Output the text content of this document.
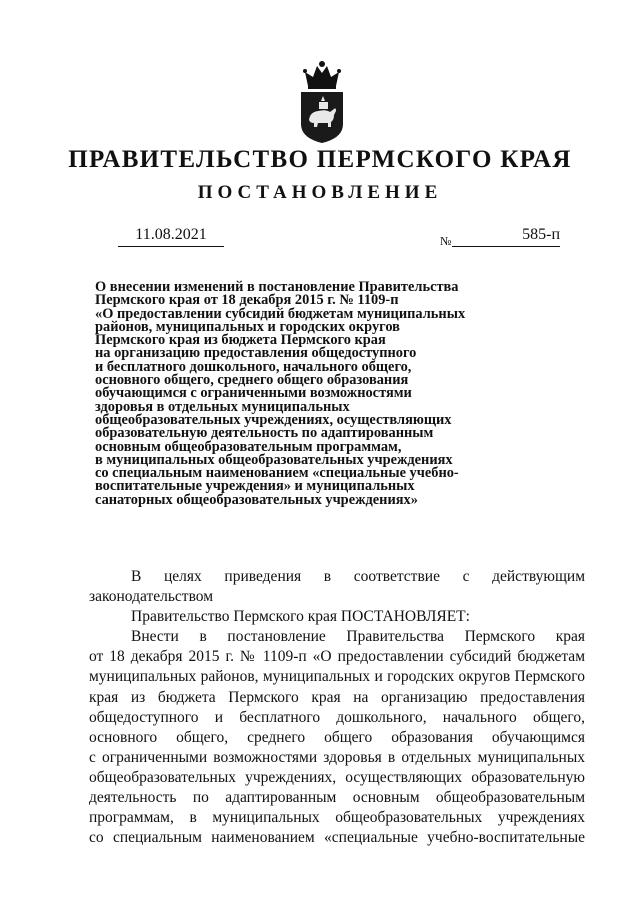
ПРАВИТЕЛЬСТВО ПЕРМСКОГО КРАЯ
ПОСТАНОВЛЕНИЕ
11.08.2021	№	585-п
О внесении изменений в постановление Правительства
Пермского края от 18 декабря 2015 г. № 1109-п
«О предоставлении субсидий бюджетам муниципальных
районов, муниципальных и городских округов
Пермского края из бюджета Пермского края
на организацию предоставления общедоступного
и бесплатного дошкольного, начального общего,
основного общего, среднего общего образования
обучающимся с ограниченными возможностями
здоровья в отдельных муниципальных
общеобразовательных учреждениях, осуществляющих
образовательную деятельность по адаптированным
основным общеобразовательным программам,
в муниципальных общеобразовательных учреждениях
со специальным наименованием «специальные учебно-
воспитательные учреждения» и муниципальных
санаторных общеобразовательных учреждениях»
В целях приведения в соответствие с действующим
законодательством
Правительство Пермского края ПОСТАНОВЛЯЕТ:
Внести в постановление Правительства Пермского края
от 18 декабря 2015 г. № 1109-п «О предоставлении субсидий бюджетам
муниципальных районов, муниципальных и городских округов Пермского
края из бюджета Пермского края на организацию предоставления
общедоступного и бесплатного дошкольного, начального общего,
основного общего, среднего общего образования обучающимся
с ограниченными возможностями здоровья в отдельных муниципальных
общеобразовательных учреждениях, осуществляющих образовательную
деятельность по адаптированным основным общеобразовательным
программам, в муниципальных общеобразовательных учреждениях
со специальным наименованием «специальные учебно-воспитательные
